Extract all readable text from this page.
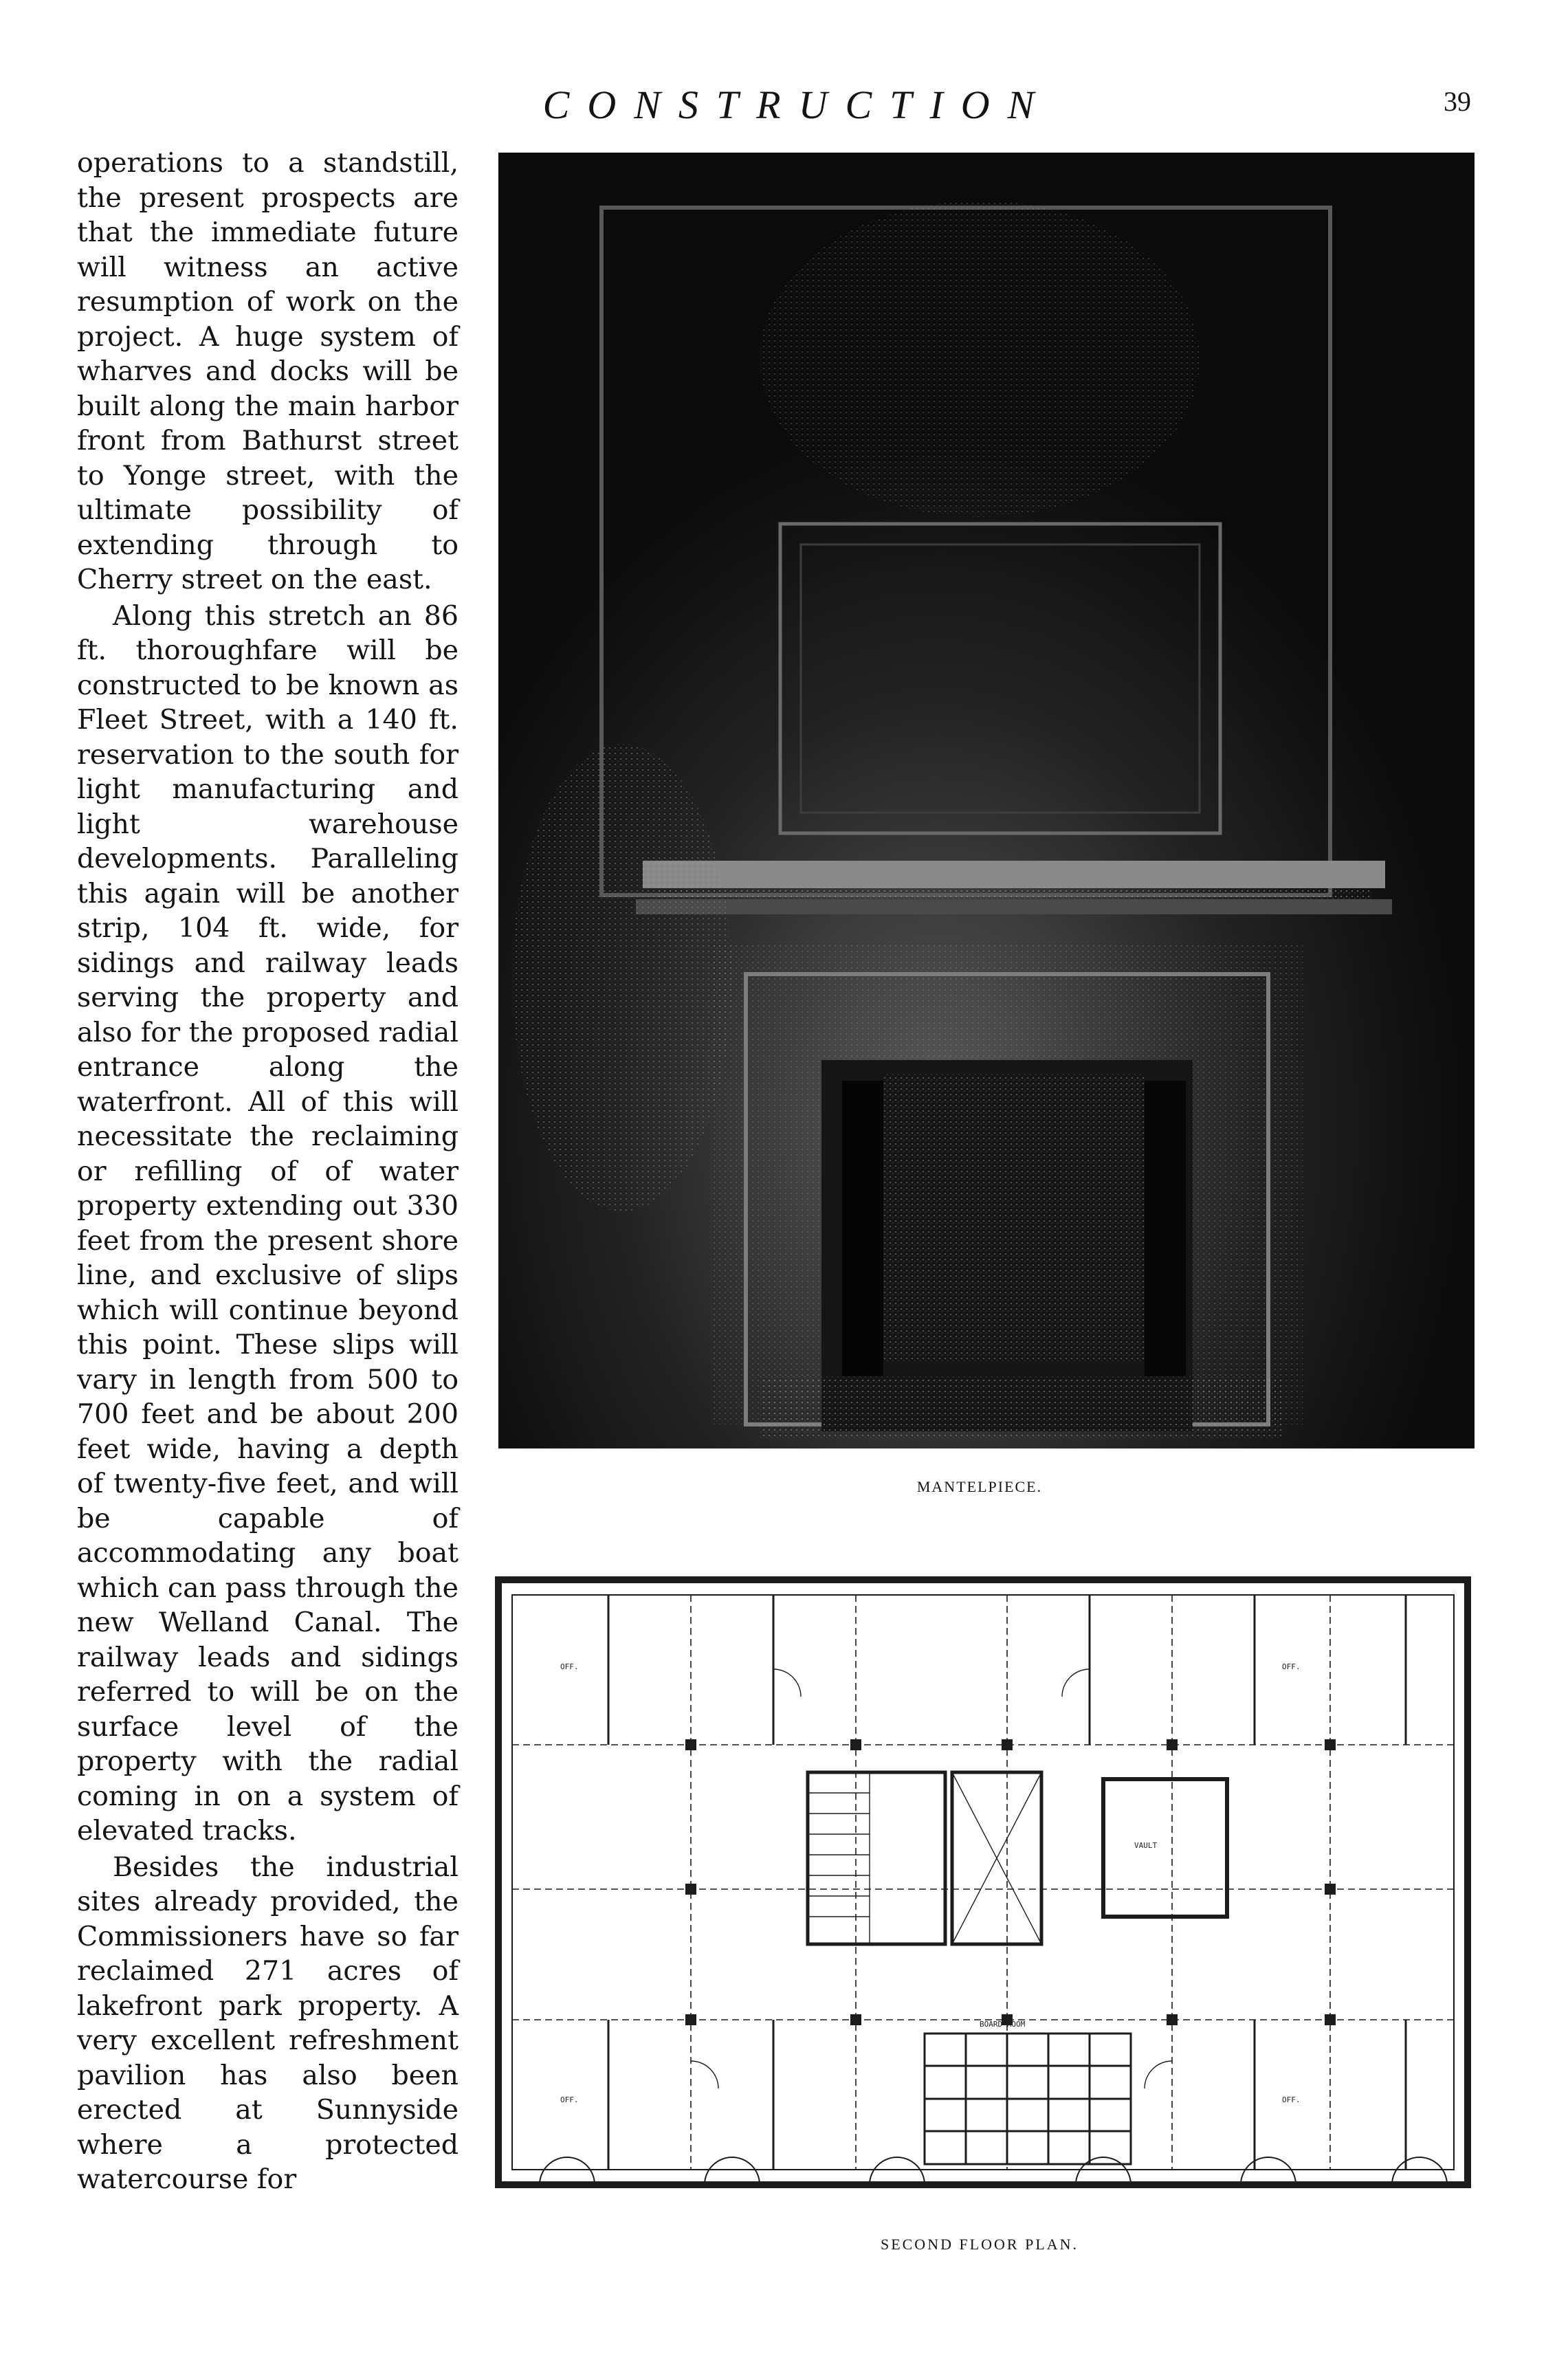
CONSTRUCTION	39

operations to a standstill, the present prospects are that the immediate future will witness an active resumption of work on the project. A huge system of wharves and docks will be built along the main harbor front from Bathurst street to Yonge street, with the ultimate possibility of extending through to Cherry street on the east.

Along this stretch an 86 ft. thoroughfare will be constructed to be known as Fleet Street, with a 140 ft. reservation to the south for light manufacturing and light warehouse developments. Paralleling this again will be another strip, 104 ft. wide, for sidings and railway leads serving the property and also for the proposed radial entrance along the waterfront. All of this will necessitate the reclaiming or refilling of of water property extending out 330 feet from the present shore line, and exclusive of slips which will continue beyond this point. These slips will vary in length from 500 to 700 feet and be about 200 feet wide, having a depth of twenty-five feet, and will be capable of accommodating any boat which can pass through the new Welland Canal. The railway leads and sidings referred to will be on the surface level of the property with the radial coming in on a system of elevated tracks.

Besides the industrial sites already provided, the Commissioners have so far reclaimed 271 acres of lakefront park property. A very excellent refreshment pavilion has also been erected at Sunnyside where a protected watercourse for

MANTELPIECE.
VAULT
BOARD ROOM
OFF.	OFF.
OFF.	OFF.
SECOND FLOOR PLAN.
